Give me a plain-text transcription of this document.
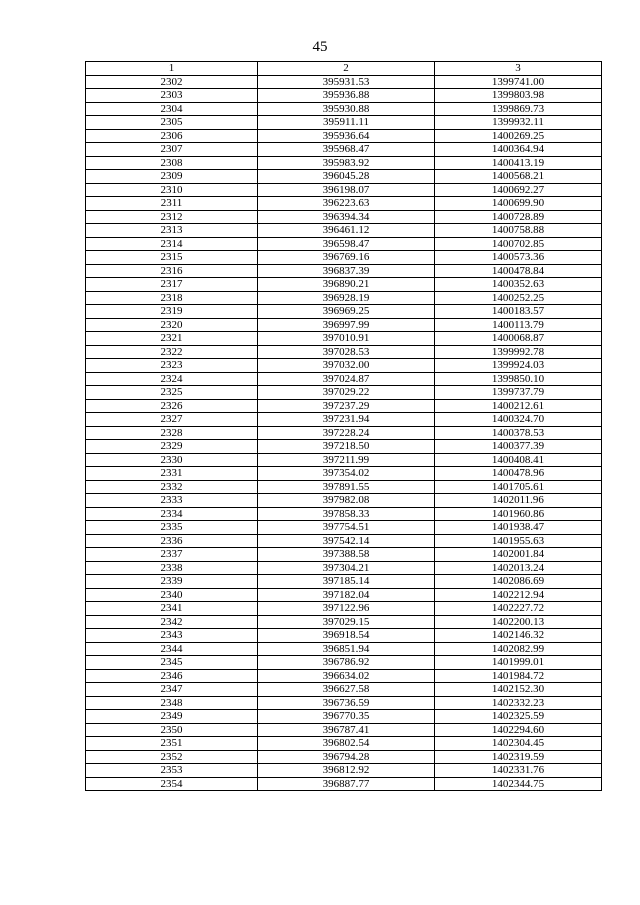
45
1	2	3
2302	395931.53	1399741.00
2303	395936.88	1399803.98
2304	395930.88	1399869.73
2305	395911.11	1399932.11
2306	395936.64	1400269.25
2307	395968.47	1400364.94
2308	395983.92	1400413.19
2309	396045.28	1400568.21
2310	396198.07	1400692.27
2311	396223.63	1400699.90
2312	396394.34	1400728.89
2313	396461.12	1400758.88
2314	396598.47	1400702.85
2315	396769.16	1400573.36
2316	396837.39	1400478.84
2317	396890.21	1400352.63
2318	396928.19	1400252.25
2319	396969.25	1400183.57
2320	396997.99	1400113.79
2321	397010.91	1400068.87
2322	397028.53	1399992.78
2323	397032.00	1399924.03
2324	397024.87	1399850.10
2325	397029.22	1399737.79
2326	397237.29	1400212.61
2327	397231.94	1400324.70
2328	397228.24	1400378.53
2329	397218.50	1400377.39
2330	397211.99	1400408.41
2331	397354.02	1400478.96
2332	397891.55	1401705.61
2333	397982.08	1402011.96
2334	397858.33	1401960.86
2335	397754.51	1401938.47
2336	397542.14	1401955.63
2337	397388.58	1402001.84
2338	397304.21	1402013.24
2339	397185.14	1402086.69
2340	397182.04	1402212.94
2341	397122.96	1402227.72
2342	397029.15	1402200.13
2343	396918.54	1402146.32
2344	396851.94	1402082.99
2345	396786.92	1401999.01
2346	396634.02	1401984.72
2347	396627.58	1402152.30
2348	396736.59	1402332.23
2349	396770.35	1402325.59
2350	396787.41	1402294.60
2351	396802.54	1402304.45
2352	396794.28	1402319.59
2353	396812.92	1402331.76
2354	396887.77	1402344.75
